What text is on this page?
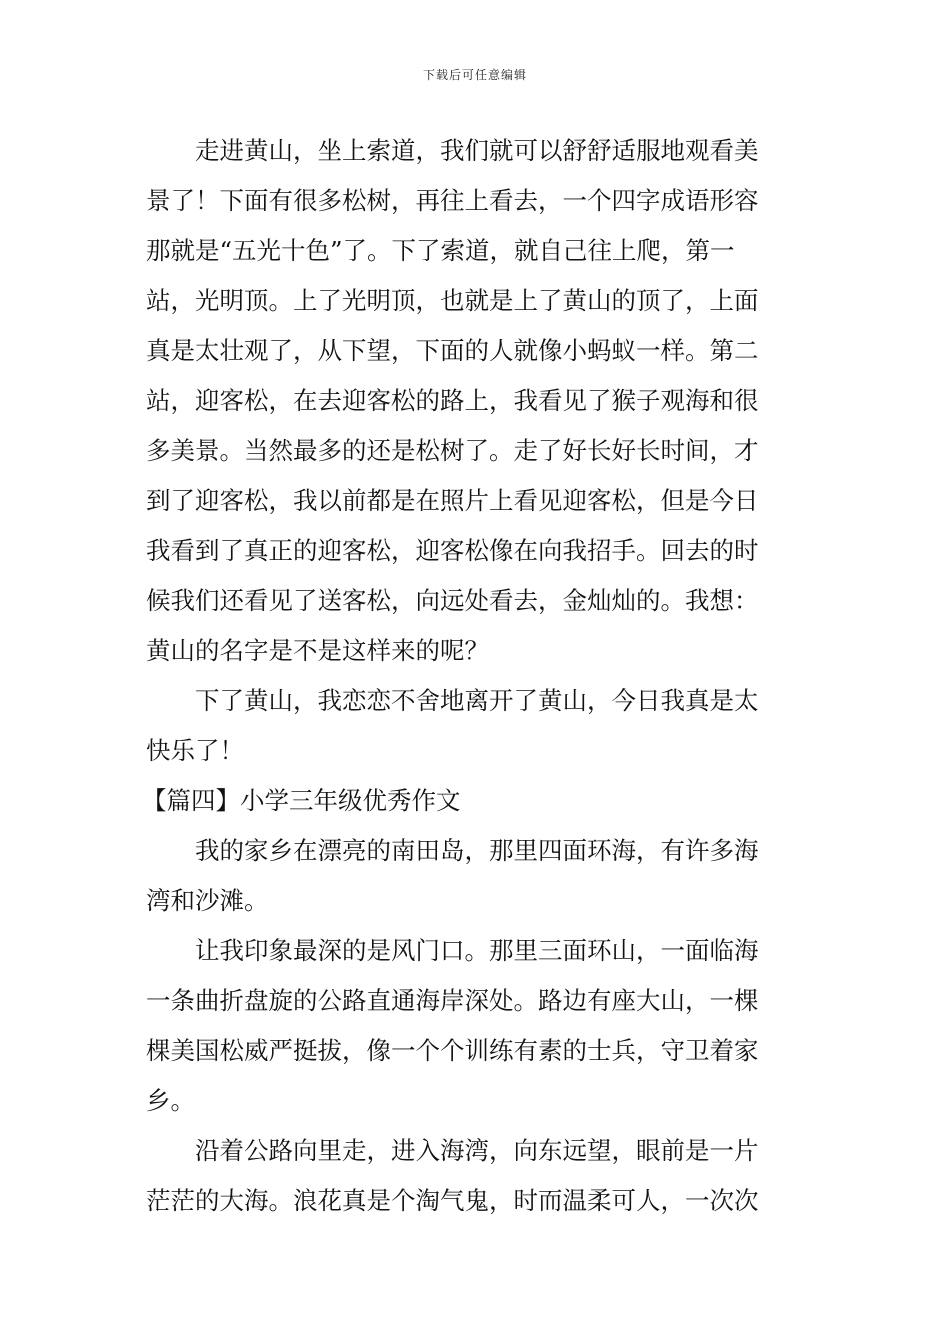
下载后可任意编辑
走进黄山，坐上索道，我们就可以舒舒适服地观看美
景了！下面有很多松树，再往上看去，一个四字成语形容
那就是“五光十色”了。下了索道，就自己往上爬，第一
站，光明顶。上了光明顶，也就是上了黄山的顶了，上面
真是太壮观了，从下望，下面的人就像小蚂蚁一样。第二
站，迎客松，在去迎客松的路上，我看见了猴子观海和很
多美景。当然最多的还是松树了。走了好长好长时间，才
到了迎客松，我以前都是在照片上看见迎客松，但是今日
我看到了真正的迎客松，迎客松像在向我招手。回去的时
候我们还看见了送客松，向远处看去，金灿灿的。我想：
黄山的名字是不是这样来的呢？
下了黄山，我恋恋不舍地离开了黄山，今日我真是太
快乐了！
【篇四】小学三年级优秀作文
我的家乡在漂亮的南田岛，那里四面环海，有许多海
湾和沙滩。
让我印象最深的是风门口。那里三面环山，一面临海
一条曲折盘旋的公路直通海岸深处。路边有座大山，一棵
棵美国松威严挺拔，像一个个训练有素的士兵，守卫着家
乡。
沿着公路向里走，进入海湾，向东远望，眼前是一片
茫茫的大海。浪花真是个淘气鬼，时而温柔可人，一次次
